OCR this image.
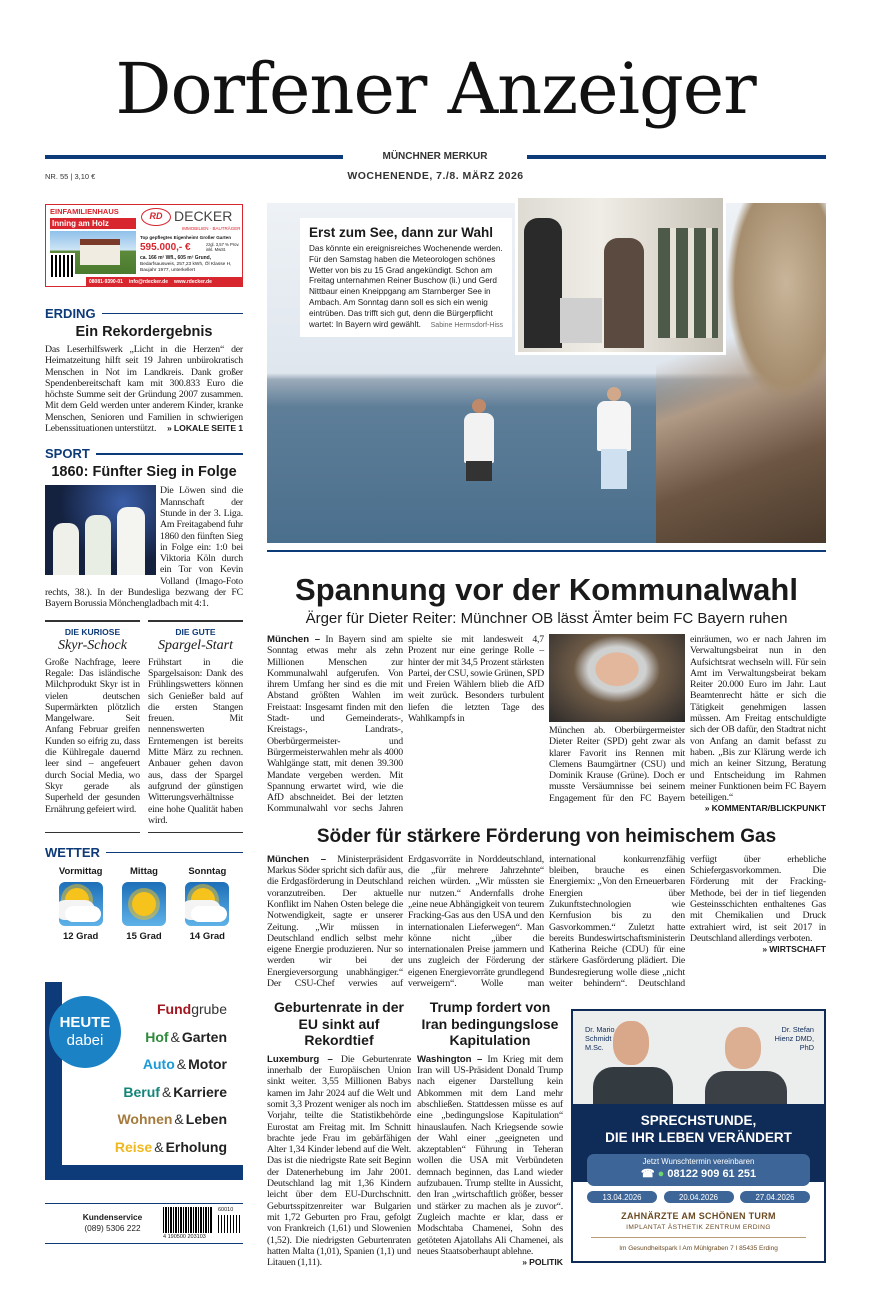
Dorfener Anzeiger
MÜNCHNER MERKUR
WOCHENENDE, 7./8. MÄRZ 2026
NR. 55 | 3,10 €
EINFAMILIENHAUS
Inning am Holz
RD DECKER
IMMOBILIEN · BAUTRÄGER
Top gepflegtes Eigenheim! Großer Garten
595.000,- €	zzgl. 3,57 % Prov. inkl. MwSt.
ca. 166 m² Wfl., 605 m² Grund,
Bedarfsausweis, 257,23 kWh, Öl Klasse H, Baujahr 1977, unterkellert
08081-9390-01 info@rdecker.de www.rdecker.de
ERDING
Ein Rekordergebnis
Das Leserhilfswerk „Licht in die Herzen“ der Heimatzeitung hilft seit 19 Jahren unbürokratisch Menschen in Not im Landkreis. Dank großer Spendenbereitschaft kam mit 300.833 Euro die höchste Summe seit der Gründung 2007 zusammen. Mit dem Geld werden unter anderem Kinder, kranke Menschen, Senioren und Familien in schwierigen Lebenssituationen unterstützt. » LOKALE SEITE 1
SPORT
1860: Fünfter Sieg in Folge
Die Löwen sind die Mannschaft der Stunde in der 3. Liga. Am Freitagabend fuhr 1860 den fünften Sieg in Folge ein: 1:0 bei Viktoria Köln durch ein Tor von Kevin Volland (Imago-Foto rechts, 38.). In der Bundesliga bezwang der FC Bayern Borussia Mönchengladbach mit 4:1.
DIE KURIOSE
Skyr-Schock
Große Nachfrage, leere Regale: Das isländische Milchprodukt Skyr ist in vielen deutschen Supermärkten plötzlich Mangelware. Seit Anfang Februar greifen Kunden so eifrig zu, dass die Kühlregale dauernd leer sind – angefeuert durch Social Media, wo Skyr gerade als Superheld der gesunden Ernährung gefeiert wird.
DIE GUTE
Spargel-Start
Frühstart in die Spargelsaison: Dank des Frühlingswetters können sich Genießer bald auf die ersten Stangen freuen. Mit nennenswerten Erntemengen ist bereits Mitte März zu rechnen. Anbauer gehen davon aus, dass der Spargel aufgrund der günstigen Witterungsverhältnisse eine hohe Qualität haben wird.
WETTER
Vormittag
12 Grad
Mittag
15 Grad
Sonntag
14 Grad
HEUTE
dabei
Fundgrube
Hof & Garten
Auto & Motor
Beruf & Karriere
Wohnen & Leben
Reise & Erholung
Kundenservice
(089) 5306 222
60010
4 190500 203103
Erst zum See, dann zur Wahl
Das könnte ein ereignisreiches Wochenende werden. Für den Samstag haben die Meteorologen schönes Wetter von bis zu 15 Grad angekündigt. Schon am Freitag unternahmen Reiner Buschow (li.) und Gerd Nittbaur einen Kneippgang am Starnberger See in Ambach. Am Sonntag dann soll es sich ein wenig eintrüben. Das trifft sich gut, denn die Bürgerpflicht wartet: In Bayern wird gewählt. Sabine Hermsdorf-Hiss
Spannung vor der Kommunalwahl
Ärger für Dieter Reiter: Münchner OB lässt Ämter beim FC Bayern ruhen
München – In Bayern sind am Sonntag etwas mehr als zehn Millionen Menschen zur Kommunalwahl aufgerufen. Von ihrem Umfang her sind es die mit Abstand größten Wahlen im Freistaat: Insgesamt finden mit den Stadt- und Gemeinderats-, Kreistags-, Landrats-, Oberbürgermeister- und Bürgermeisterwahlen mehr als 4000 Wahlgänge statt, mit denen 39.300 Mandate vergeben werden. Mit Spannung erwartet wird, wie die AfD abschneidet. Bei der letzten Kommunalwahl vor sechs Jahren spielte sie mit landesweit 4,7 Prozent nur eine geringe Rolle – hinter der mit 34,5 Prozent stärksten Partei, der CSU, sowie Grünen, SPD und Freien Wählern blieb die AfD weit zurück. Besonders turbulent liefen die letzten Tage des Wahlkampfs in
München ab. Oberbürgermeister Dieter Reiter (SPD) geht zwar als klarer Favorit ins Rennen mit Clemens Baumgärtner (CSU) und Dominik Krause (Grüne). Doch er musste Versäumnisse bei seinem Engagement für den FC Bayern einräumen, wo er nach Jahren im Verwaltungsbeirat nun in den Aufsichtsrat wechseln will. Für sein Amt im Verwaltungsbeirat bekam Reiter 20.000 Euro im Jahr. Laut Beamtenrecht hätte er sich die Tätigkeit genehmigen lassen müssen. Am Freitag entschuldigte sich der OB dafür, den Stadtrat nicht von Anfang an damit befasst zu haben. „Bis zur Klärung werde ich mich an keiner Sitzung, Beratung und Entscheidung im Rahmen meiner Funktionen beim FC Bayern beteiligen.“
» KOMMENTAR/BLICKPUNKT
Söder für stärkere Förderung von heimischem Gas
München – Ministerpräsident Markus Söder spricht sich dafür aus, die Erdgasförderung in Deutschland voranzutreiben. Der aktuelle Konflikt im Nahen Osten belege die Notwendigkeit, sagte er unserer Zeitung. „Wir müssen in Deutschland endlich selbst mehr eigene Energie produzieren. Nur so werden wir bei der Energieversorgung unabhängiger.“ Der CSU-Chef verwies auf Erdgasvorräte in Norddeutschland, die „für mehrere Jahrzehnte“ reichen würden. „Wir müssten sie nur nutzen.“ Andernfalls drohe „eine neue Abhängigkeit von teurem Fracking-Gas aus den USA und den internationalen Lieferwegen“. Man könne nicht „über die internationalen Preise jammern und uns zugleich der Förderung der eigenen Energievorräte grundlegend verweigern“. Wolle man international konkurrenzfähig bleiben, brauche es einen Energiemix: „Von den Erneuerbaren Energien über Zukunftstechnologien wie Kernfusion bis zu den Gasvorkommen.“ Zuletzt hatte bereits Bundeswirtschaftsministerin Katherina Reiche (CDU) für eine stärkere Gasförderung plädiert. Die Bundesregierung wolle diese „nicht weiter behindern“. Deutschland verfügt über erhebliche Schiefergasvorkommen. Die Förderung mit der Fracking-Methode, bei der in tief liegenden Gesteinsschichten enthaltenes Gas mit Chemikalien und Druck extrahiert wird, ist seit 2017 in Deutschland allerdings verboten.
» WIRTSCHAFT
Geburtenrate in der EU sinkt auf Rekordtief
Luxemburg – Die Geburtenrate innerhalb der Europäischen Union sinkt weiter. 3,55 Millionen Babys kamen im Jahr 2024 auf die Welt und somit 3,3 Prozent weniger als noch im Vorjahr, teilte die Statistikbehörde Eurostat am Freitag mit. Im Schnitt brachte jede Frau im gebärfähigen Alter 1,34 Kinder lebend auf die Welt. Das ist die niedrigste Rate seit Beginn der Datenerhebung im Jahr 2001. Deutschland lag mit 1,36 Kindern leicht über dem EU-Durchschnitt. Geburtsspitzenreiter war Bulgarien mit 1,72 Geburten pro Frau, gefolgt von Frankreich (1,61) und Slowenien (1,52). Die niedrigsten Geburtenraten hatten Malta (1,01), Spanien (1,1) und Litauen (1,11).
Trump fordert von Iran bedingungslose Kapitulation
Washington – Im Krieg mit dem Iran will US-Präsident Donald Trump nach eigener Darstellung kein Abkommen mit dem Land mehr abschließen. Stattdessen müsse es auf eine „bedingungslose Kapitulation“ hinauslaufen. Nach Kriegsende sowie der Wahl einer „geeigneten und akzeptablen“ Führung in Teheran wollen die USA mit Verbündeten demnach beginnen, das Land wieder aufzubauen. Trump stellte in Aussicht, den Iran „wirtschaftlich größer, besser und stärker zu machen als je zuvor“. Zugleich machte er klar, dass er Modschtaba Chamenei, Sohn des getöteten Ajatollahs Ali Chamenei, als neues Staatsoberhaupt ablehne.
» POLITIK
Dr. Mario Schmidt M.Sc.
Dr. Stefan Hienz DMD, PhD
SPRECHSTUNDE,
DIE IHR LEBEN VERÄNDERT
Jetzt Wunschtermin vereinbaren
☎ ● 08122 909 61 251
13.04.2026	20.04.2026	27.04.2026
ZAHNÄRZTE AM SCHÖNEN TURM
IMPLANTAT ÄSTHETIK ZENTRUM ERDING
Im Gesundheitspark I Am Mühlgraben 7 I 85435 Erding
